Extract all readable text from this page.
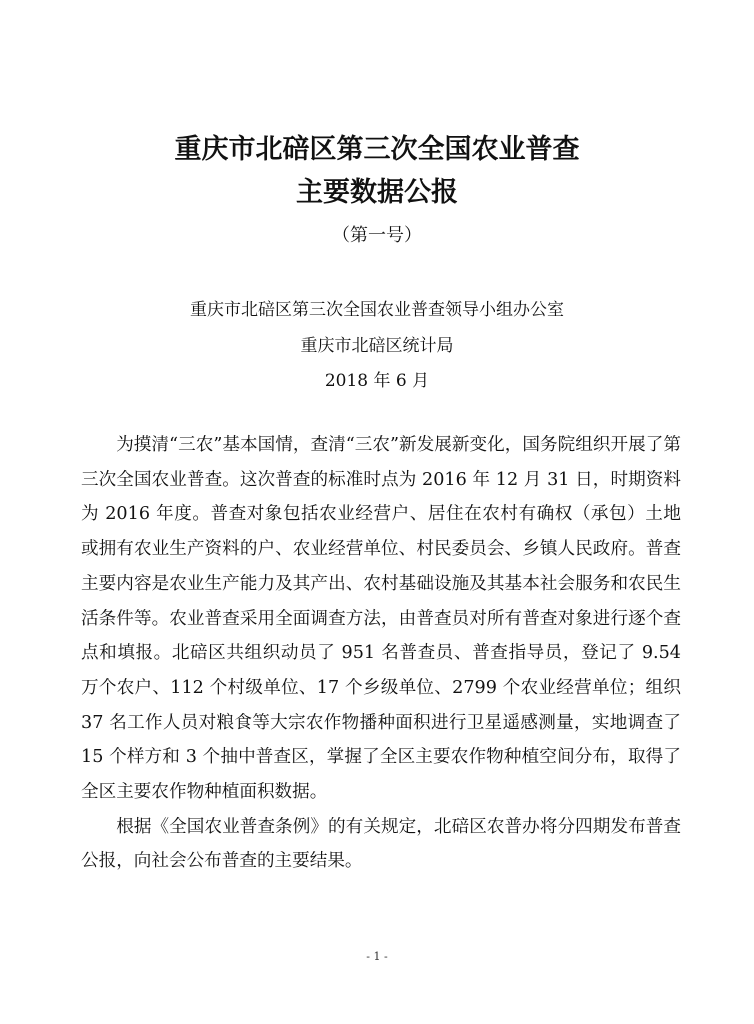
重庆市北碚区第三次全国农业普查
主要数据公报
（第一号）
重庆市北碚区第三次全国农业普查领导小组办公室
重庆市北碚区统计局
2018 年 6 月

为摸清“三农”基本国情，查清“三农”新发展新变化，国务院组织开展了第三次全国农业普查。这次普查的标准时点为 2016 年 12 月 31 日，时期资料为 2016 年度。普查对象包括农业经营户、居住在农村有确权（承包）土地或拥有农业生产资料的户、农业经营单位、村民委员会、乡镇人民政府。普查主要内容是农业生产能力及其产出、农村基础设施及其基本社会服务和农民生活条件等。农业普查采用全面调查方法，由普查员对所有普查对象进行逐个查点和填报。北碚区共组织动员了 951 名普查员、普查指导员，登记了 9.54 万个农户、112 个村级单位、17 个乡级单位、2799 个农业经营单位；组织 37 名工作人员对粮食等大宗农作物播种面积进行卫星遥感测量，实地调查了 15 个样方和 3 个抽中普查区，掌握了全区主要农作物种植空间分布，取得了全区主要农作物种植面积数据。

根据《全国农业普查条例》的有关规定，北碚区农普办将分四期发布普查公报，向社会公布普查的主要结果。

- 1 -
